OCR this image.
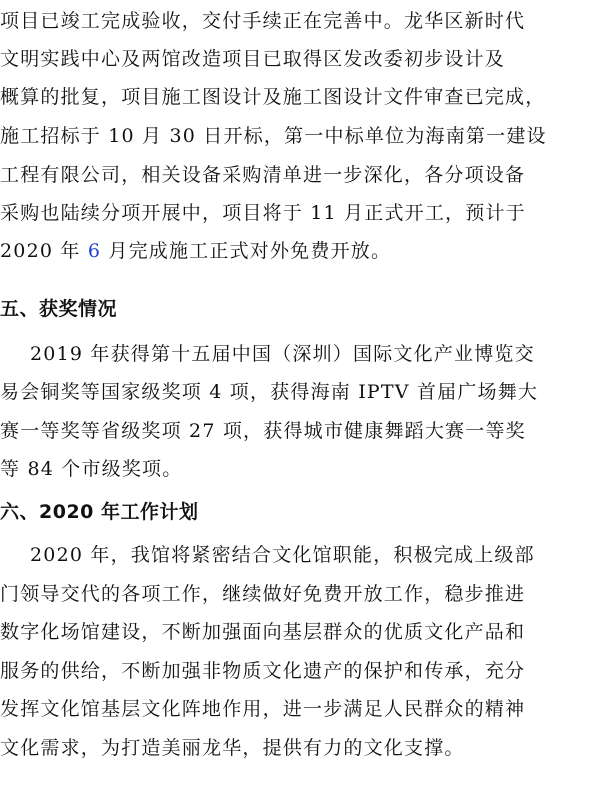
项目已竣工完成验收，交付手续正在完善中。龙华区新时代
文明实践中心及两馆改造项目已取得区发改委初步设计及
概算的批复，项目施工图设计及施工图设计文件审查已完成，
施工招标于 10 月 30 日开标，第一中标单位为海南第一建设
工程有限公司，相关设备采购清单进一步深化，各分项设备
采购也陆续分项开展中，项目将于 11 月正式开工，预计于
2020 年 6 月完成施工正式对外免费开放。
五、获奖情况
2019 年获得第十五届中国（深圳）国际文化产业博览交
易会铜奖等国家级奖项 4 项，获得海南 IPTV 首届广场舞大
赛一等奖等省级奖项 27 项，获得城市健康舞蹈大赛一等奖
等 84 个市级奖项。
六、2020 年工作计划
2020 年，我馆将紧密结合文化馆职能，积极完成上级部
门领导交代的各项工作，继续做好免费开放工作，稳步推进
数字化场馆建设，不断加强面向基层群众的优质文化产品和
服务的供给，不断加强非物质文化遗产的保护和传承，充分
发挥文化馆基层文化阵地作用，进一步满足人民群众的精神
文化需求，为打造美丽龙华，提供有力的文化支撑。
